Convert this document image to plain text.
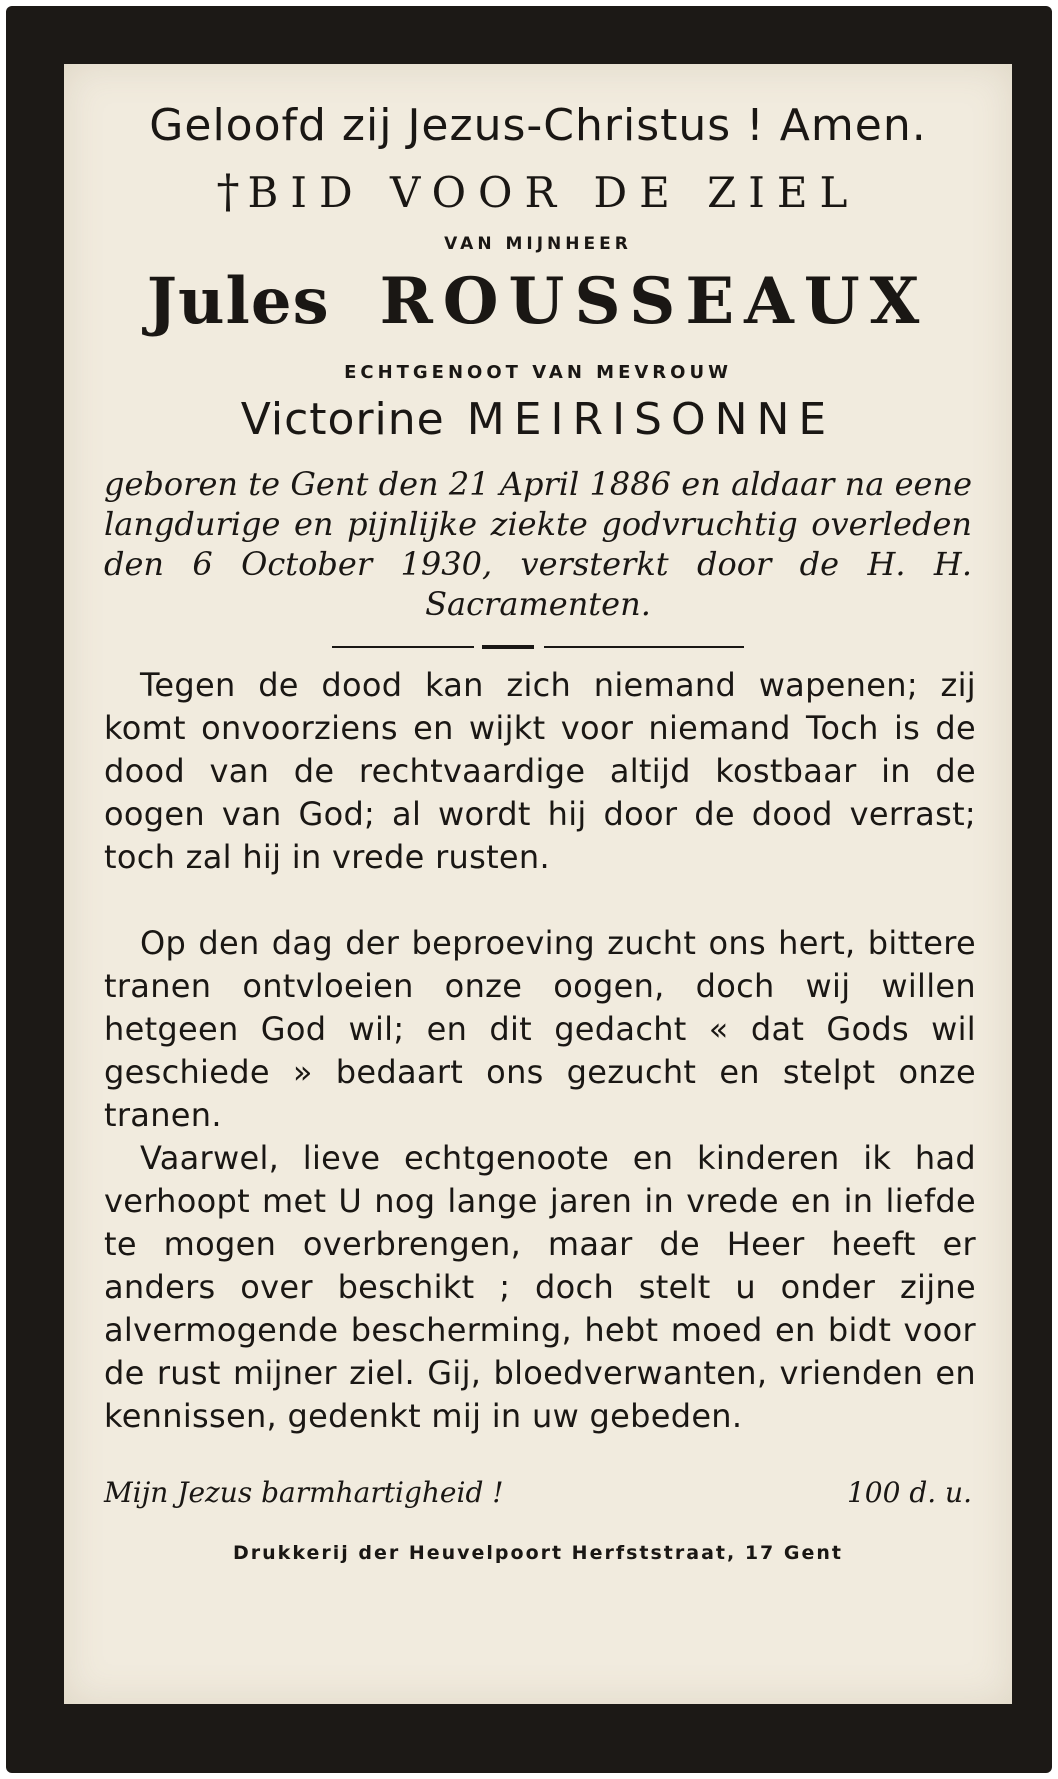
Geloofd zij Jezus-Christus ! Amen.
† BID VOOR DE ZIEL
VAN MIJNHEER
Jules ROUSSEAUX
ECHTGENOOT VAN MEVROUW
Victorine MEIRISONNE
geboren te Gent den 21 April 1886 en aldaar na eene langdurige en pijnlijke ziekte godvruchtig overleden den 6 October 1930, versterkt door de H. H. Sacramenten.
Tegen de dood kan zich niemand wapenen; zij komt onvoorziens en wijkt voor niemand Toch is de dood van de rechtvaardige altijd kostbaar in de oogen van God; al wordt hij door de dood verrast; toch zal hij in vrede rusten.
Op den dag der beproeving zucht ons hert, bittere tranen ontvloeien onze oogen, doch wij willen hetgeen God wil; en dit gedacht « dat Gods wil geschiede » bedaart ons gezucht en stelpt onze tranen.
Vaarwel, lieve echtgenoote en kinderen ik had verhoopt met U nog lange jaren in vrede en in liefde te mogen overbrengen, maar de Heer heeft er anders over beschikt ; doch stelt u onder zijne alvermogende bescherming, hebt moed en bidt voor de rust mijner ziel. Gij, bloedverwanten, vrienden en kennissen, gedenkt mij in uw gebeden.
Mijn Jezus barmhartigheid !	100 d. u.
Drukkerij der Heuvelpoort Herfststraat, 17 Gent
